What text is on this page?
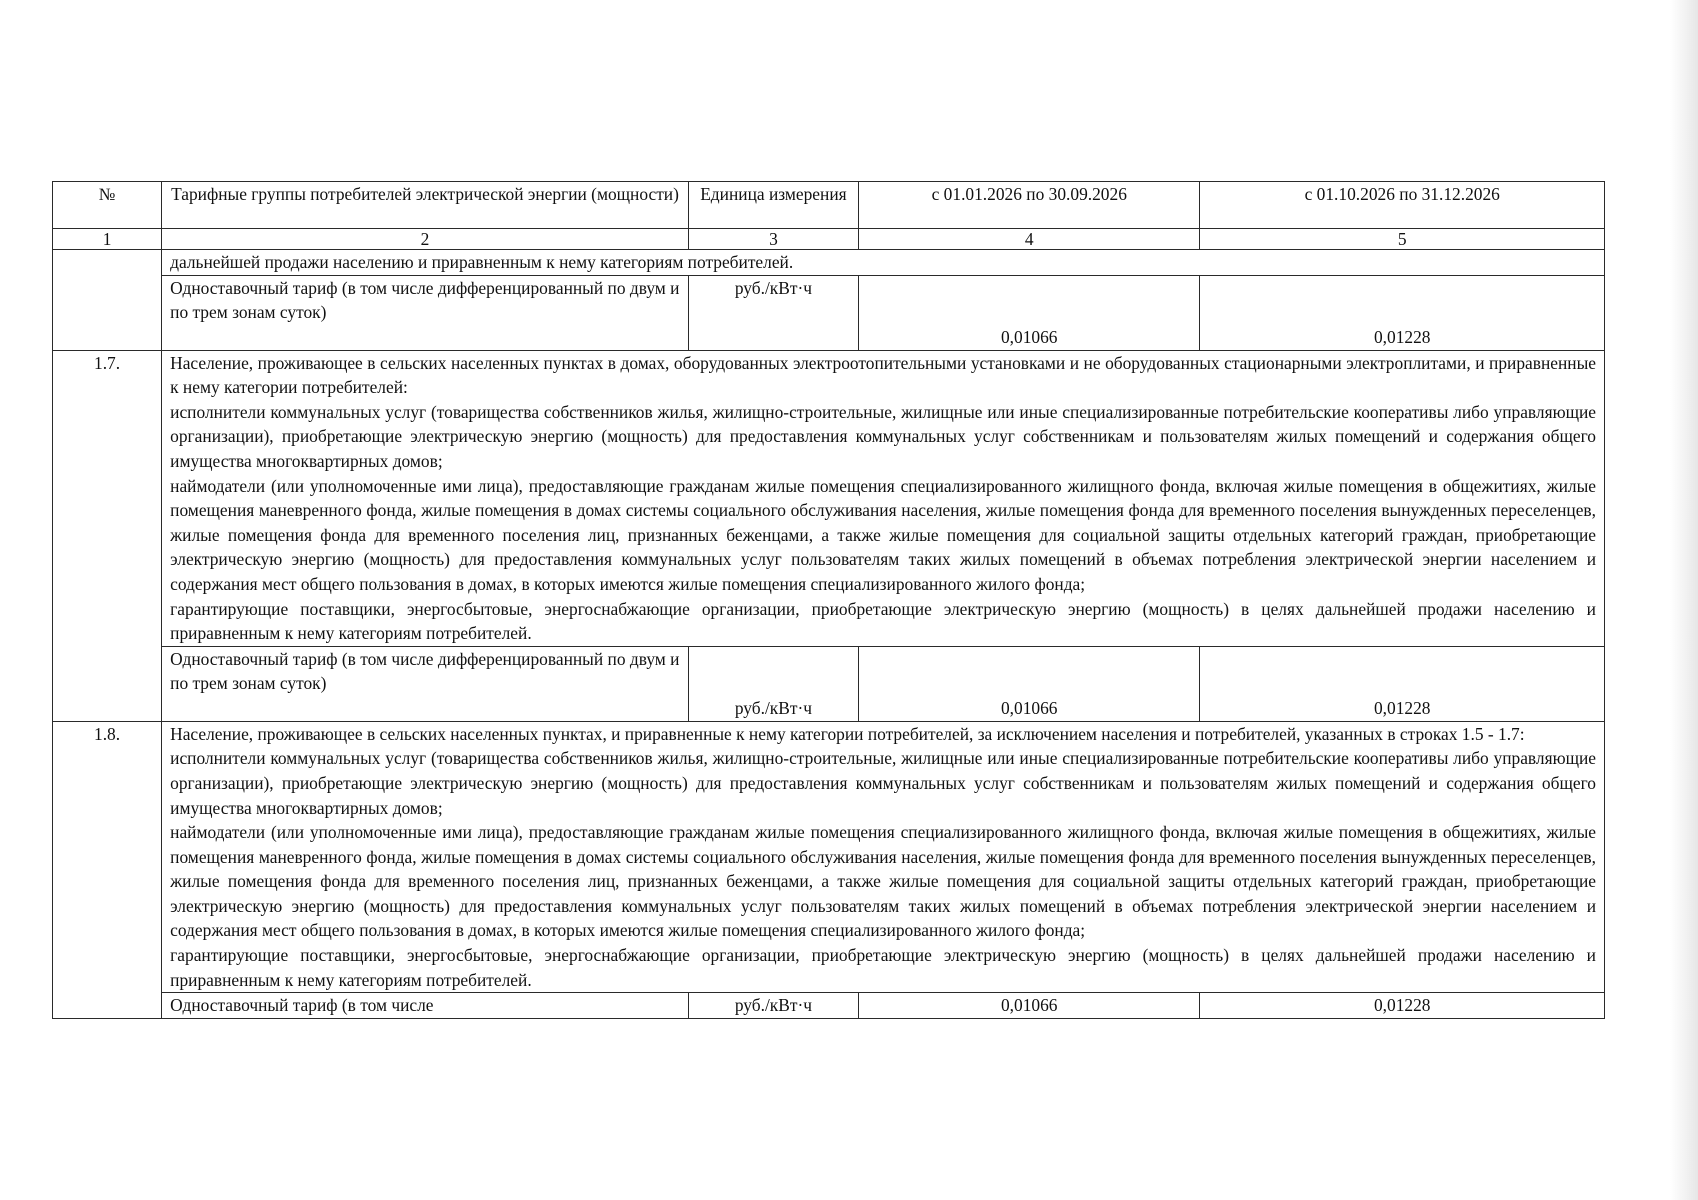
№	Тарифные группы потребителей электрической энергии (мощности)	Единица измерения	с 01.01.2026 по 30.09.2026	с 01.10.2026 по 31.12.2026
1	2	3	4	5
	дальнейшей продажи населению и приравненным к нему категориям потребителей.			
	Одноставочный тариф (в том числе дифференцированный по двум и по трем зонам суток)	руб./кВт·ч	0,01066	0,01228
1.7.	Население, проживающее в сельских населенных пунктах в домах, оборудованных электроотопительными установками и не оборудованных стационарными электроплитами, и приравненные к нему категории потребителей:
исполнители коммунальных услуг (товарищества собственников жилья, жилищно-строительные, жилищные или иные специализированные потребительские кооперативы либо управляющие организации), приобретающие электрическую энергию (мощность) для предоставления коммунальных услуг собственникам и пользователям жилых помещений и содержания общего имущества многоквартирных домов;
наймодатели (или уполномоченные ими лица), предоставляющие гражданам жилые помещения специализированного жилищного фонда, включая жилые помещения в общежитиях, жилые помещения маневренного фонда, жилые помещения в домах системы социального обслуживания населения, жилые помещения фонда для временного поселения вынужденных переселенцев, жилые помещения фонда для временного поселения лиц, признанных беженцами, а также жилые помещения для социальной защиты отдельных категорий граждан, приобретающие электрическую энергию (мощность) для предоставления коммунальных услуг пользователям таких жилых помещений в объемах потребления электрической энергии населением и содержания мест общего пользования в домах, в которых имеются жилые помещения специализированного жилого фонда;
гарантирующие поставщики, энергосбытовые, энергоснабжающие организации, приобретающие электрическую энергию (мощность) в целях дальнейшей продажи населению и приравненным к нему категориям потребителей.			

	Одноставочный тариф (в том числе дифференцированный по двум и по трем зонам суток)	руб./кВт·ч	0,01066	0,01228
1.8.	Население, проживающее в сельских населенных пунктах, и приравненные к нему категории потребителей, за исключением населения и потребителей, указанных в строках 1.5 - 1.7:
исполнители коммунальных услуг (товарищества собственников жилья, жилищно-строительные, жилищные или иные специализированные потребительские кооперативы либо управляющие организации), приобретающие электрическую энергию (мощность) для предоставления коммунальных услуг собственникам и пользователям жилых помещений и содержания общего имущества многоквартирных домов;
наймодатели (или уполномоченные ими лица), предоставляющие гражданам жилые помещения специализированного жилищного фонда, включая жилые помещения в общежитиях, жилые помещения маневренного фонда, жилые помещения в домах системы социального обслуживания населения, жилые помещения фонда для временного поселения вынужденных переселенцев, жилые помещения фонда для временного поселения лиц, признанных беженцами, а также жилые помещения для социальной защиты отдельных категорий граждан, приобретающие электрическую энергию (мощность) для предоставления коммунальных услуг пользователям таких жилых помещений в объемах потребления электрической энергии населением и содержания мест общего пользования в домах, в которых имеются жилые помещения специализированного жилого фонда;
гарантирующие поставщики, энергосбытовые, энергоснабжающие организации, приобретающие электрическую энергию (мощность) в целях дальнейшей продажи населению и приравненным к нему категориям потребителей.			

	Одноставочный тариф (в том числе	руб./кВт·ч	0,01066	0,01228
